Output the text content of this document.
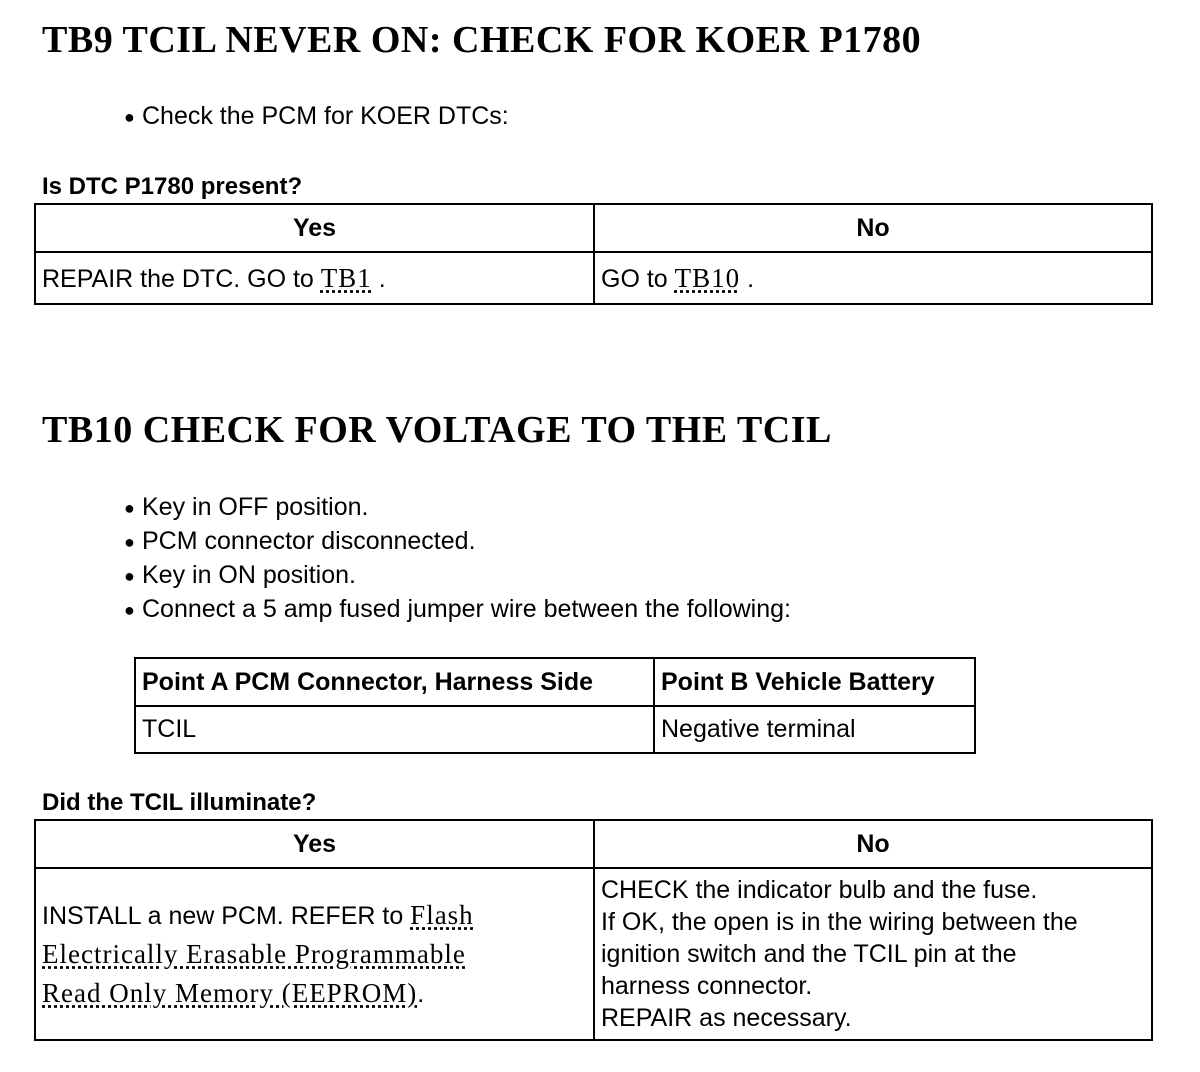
TB9 TCIL NEVER ON: CHECK FOR KOER P1780
● Check the PCM for KOER DTCs:

Is DTC P1780 present?

Yes	No
REPAIR the DTC. GO to TB1 .	GO to TB10 .
TB10 CHECK FOR VOLTAGE TO THE TCIL
● Key in OFF position.
● PCM connector disconnected.
● Key in ON position.
● Connect a 5 amp fused jumper wire between the following:
Point A PCM Connector, Harness Side	Point B Vehicle Battery
TCIL	Negative terminal

Did the TCIL illuminate?

Yes	No
INSTALL a new PCM. REFER to Flash Electrically Erasable Programmable Read Only Memory (EEPROM).	CHECK the indicator bulb and the fuse.
If OK, the open is in the wiring between the
ignition switch and the TCIL pin at the
harness connector.
REPAIR as necessary.
